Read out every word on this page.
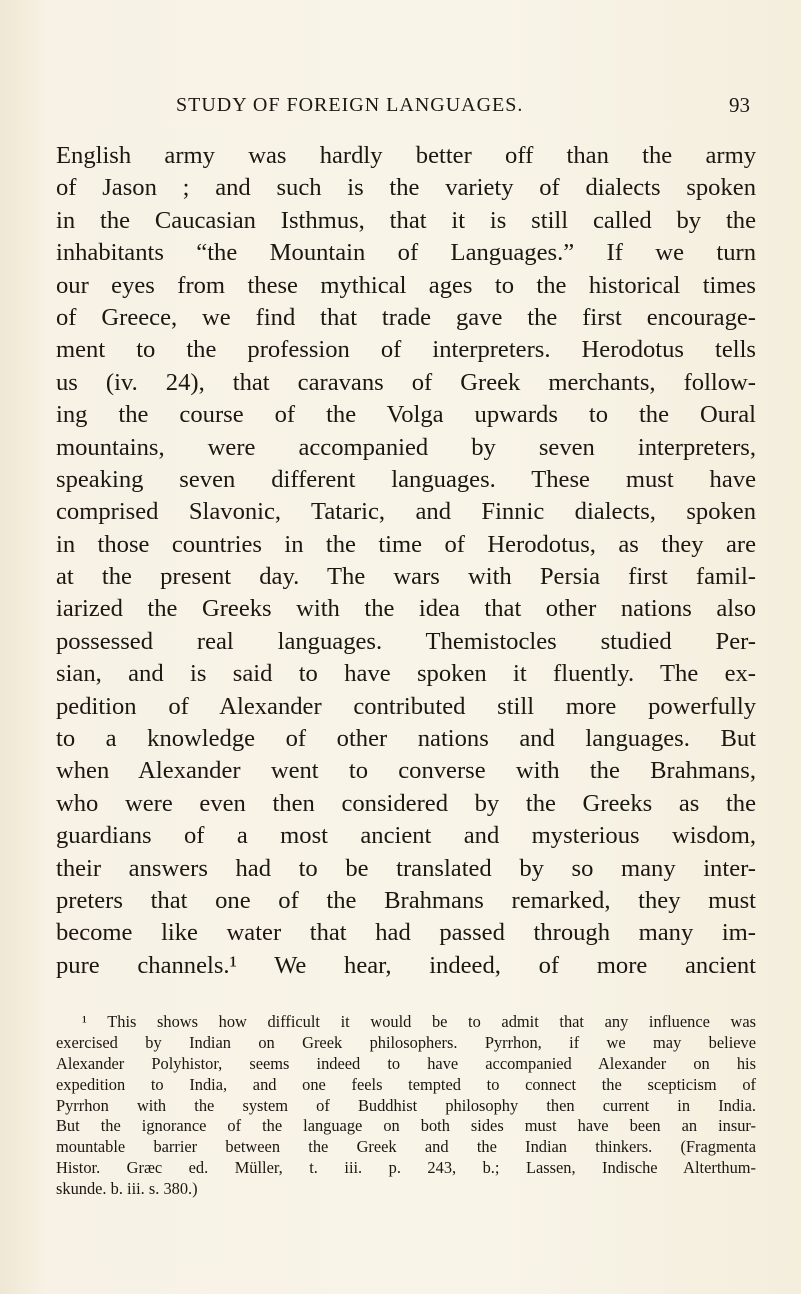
STUDY OF FOREIGN LANGUAGES.	93
English army was hardly better off than the army
of Jason ; and such is the variety of dialects spoken
in the Caucasian Isthmus, that it is still called by the
inhabitants “the Mountain of Languages.” If we turn
our eyes from these mythical ages to the historical times
of Greece, we find that trade gave the first encourage-
ment to the profession of interpreters. Herodotus tells
us (iv. 24), that caravans of Greek merchants, follow-
ing the course of the Volga upwards to the Oural
mountains, were accompanied by seven interpreters,
speaking seven different languages. These must have
comprised Slavonic, Tataric, and Finnic dialects, spoken
in those countries in the time of Herodotus, as they are
at the present day. The wars with Persia first famil-
iarized the Greeks with the idea that other nations also
possessed real languages. Themistocles studied Per-
sian, and is said to have spoken it fluently. The ex-
pedition of Alexander contributed still more powerfully
to a knowledge of other nations and languages. But
when Alexander went to converse with the Brahmans,
who were even then considered by the Greeks as the
guardians of a most ancient and mysterious wisdom,
their answers had to be translated by so many inter-
preters that one of the Brahmans remarked, they must
become like water that had passed through many im-
pure channels.¹ We hear, indeed, of more ancient
¹ This shows how difficult it would be to admit that any influence was
exercised by Indian on Greek philosophers. Pyrrhon, if we may believe
Alexander Polyhistor, seems indeed to have accompanied Alexander on his
expedition to India, and one feels tempted to connect the scepticism of
Pyrrhon with the system of Buddhist philosophy then current in India.
But the ignorance of the language on both sides must have been an insur-
mountable barrier between the Greek and the Indian thinkers. (Fragmenta
Histor. Græc ed. Müller, t. iii. p. 243, b.; Lassen, Indische Alterthum-
skunde. b. iii. s. 380.)
